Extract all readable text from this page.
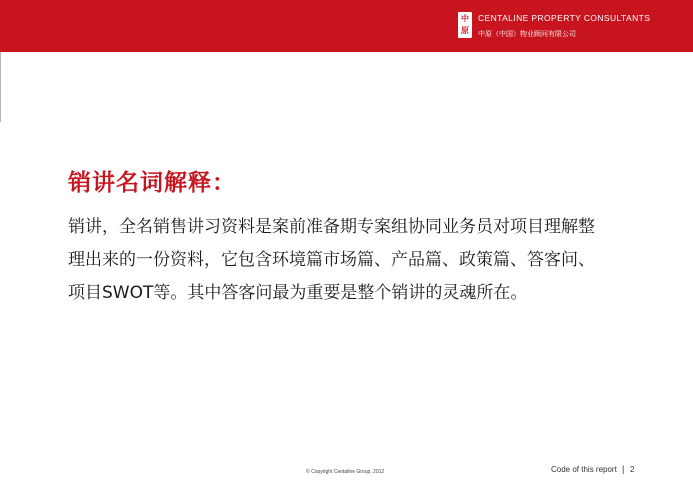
中
原
CENTALINE PROPERTY CONSULTANTS
中原（中国）物业顾问有限公司
销讲名词解释：
销讲，全名销售讲习资料是案前准备期专案组协同业务员对项目理解整
理出来的一份资料，它包含环境篇市场篇、产品篇、政策篇、答客问、
项目SWOT等。其中答客问最为重要是整个销讲的灵魂所在。
© Copyright Centaline Group, 2012	Code of this report | 2
